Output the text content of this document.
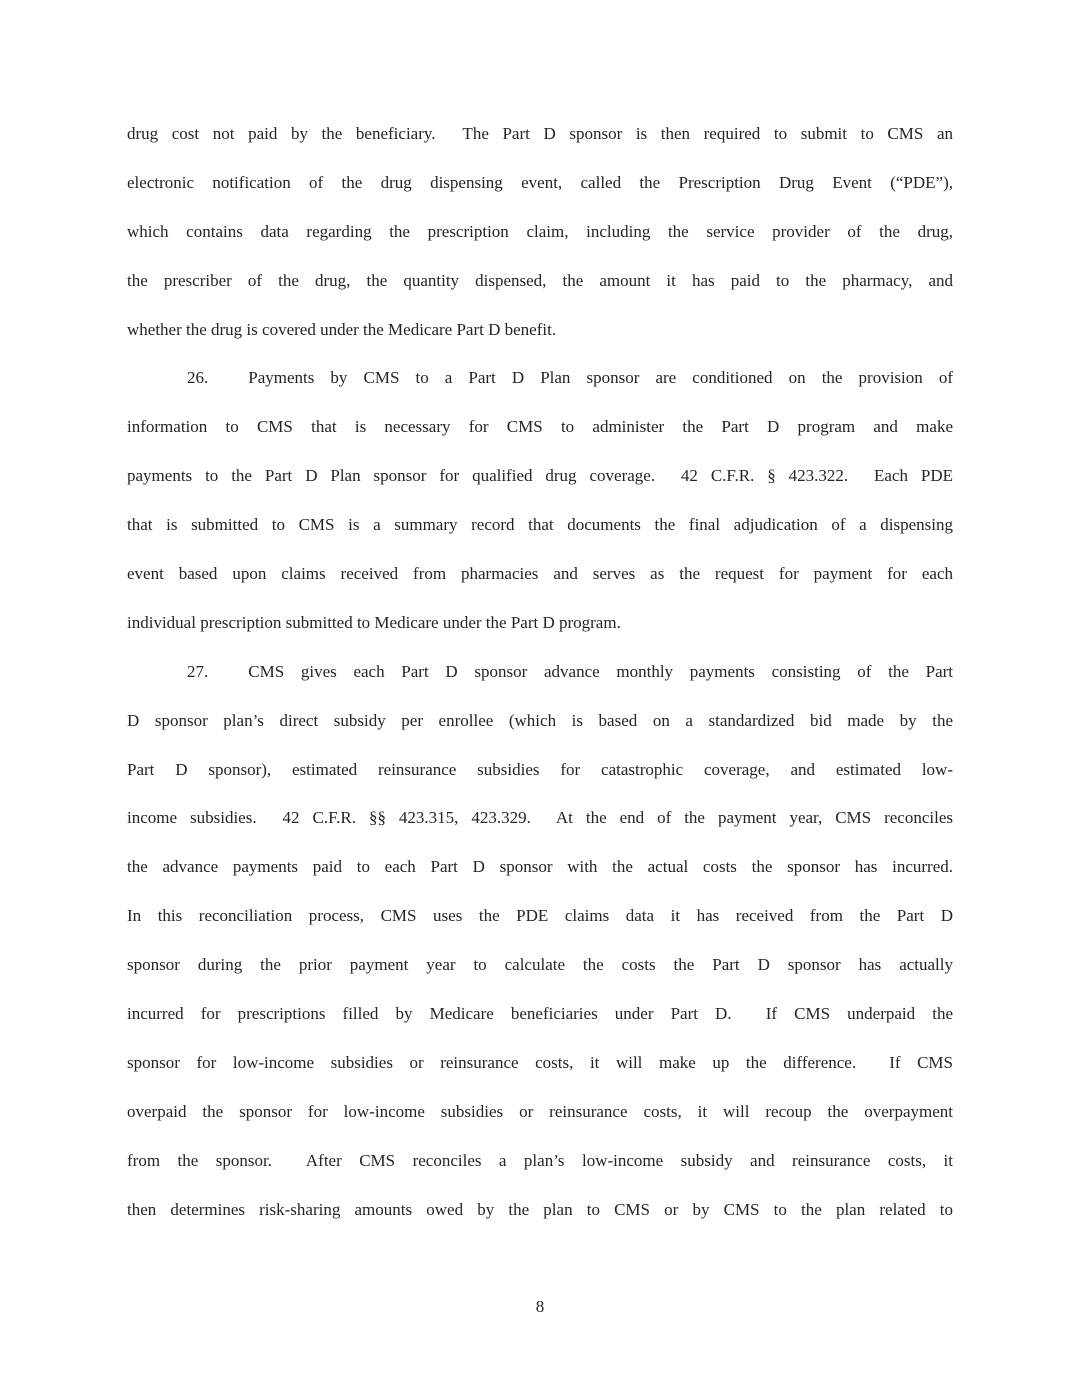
drug cost not paid by the beneficiary.  The Part D sponsor is then required to submit to CMS an
electronic notification of the drug dispensing event, called the Prescription Drug Event (“PDE”),
which contains data regarding the prescription claim, including the service provider of the drug,
the prescriber of the drug, the quantity dispensed, the amount it has paid to the pharmacy, and
whether the drug is covered under the Medicare Part D benefit.
26. Payments by CMS to a Part D Plan sponsor are conditioned on the provision of
information to CMS that is necessary for CMS to administer the Part D program and make
payments to the Part D Plan sponsor for qualified drug coverage.  42 C.F.R. § 423.322.  Each PDE
that is submitted to CMS is a summary record that documents the final adjudication of a dispensing
event based upon claims received from pharmacies and serves as the request for payment for each
individual prescription submitted to Medicare under the Part D program.
27. CMS gives each Part D sponsor advance monthly payments consisting of the Part
D sponsor plan’s direct subsidy per enrollee (which is based on a standardized bid made by the
Part D sponsor), estimated reinsurance subsidies for catastrophic coverage, and estimated low-
income subsidies.  42 C.F.R. §§ 423.315, 423.329.  At the end of the payment year, CMS reconciles
the advance payments paid to each Part D sponsor with the actual costs the sponsor has incurred.
In this reconciliation process, CMS uses the PDE claims data it has received from the Part D
sponsor during the prior payment year to calculate the costs the Part D sponsor has actually
incurred for prescriptions filled by Medicare beneficiaries under Part D.  If CMS underpaid the
sponsor for low-income subsidies or reinsurance costs, it will make up the difference.  If CMS
overpaid the sponsor for low-income subsidies or reinsurance costs, it will recoup the overpayment
from the sponsor.  After CMS reconciles a plan’s low-income subsidy and reinsurance costs, it
then determines risk-sharing amounts owed by the plan to CMS or by CMS to the plan related to
8
